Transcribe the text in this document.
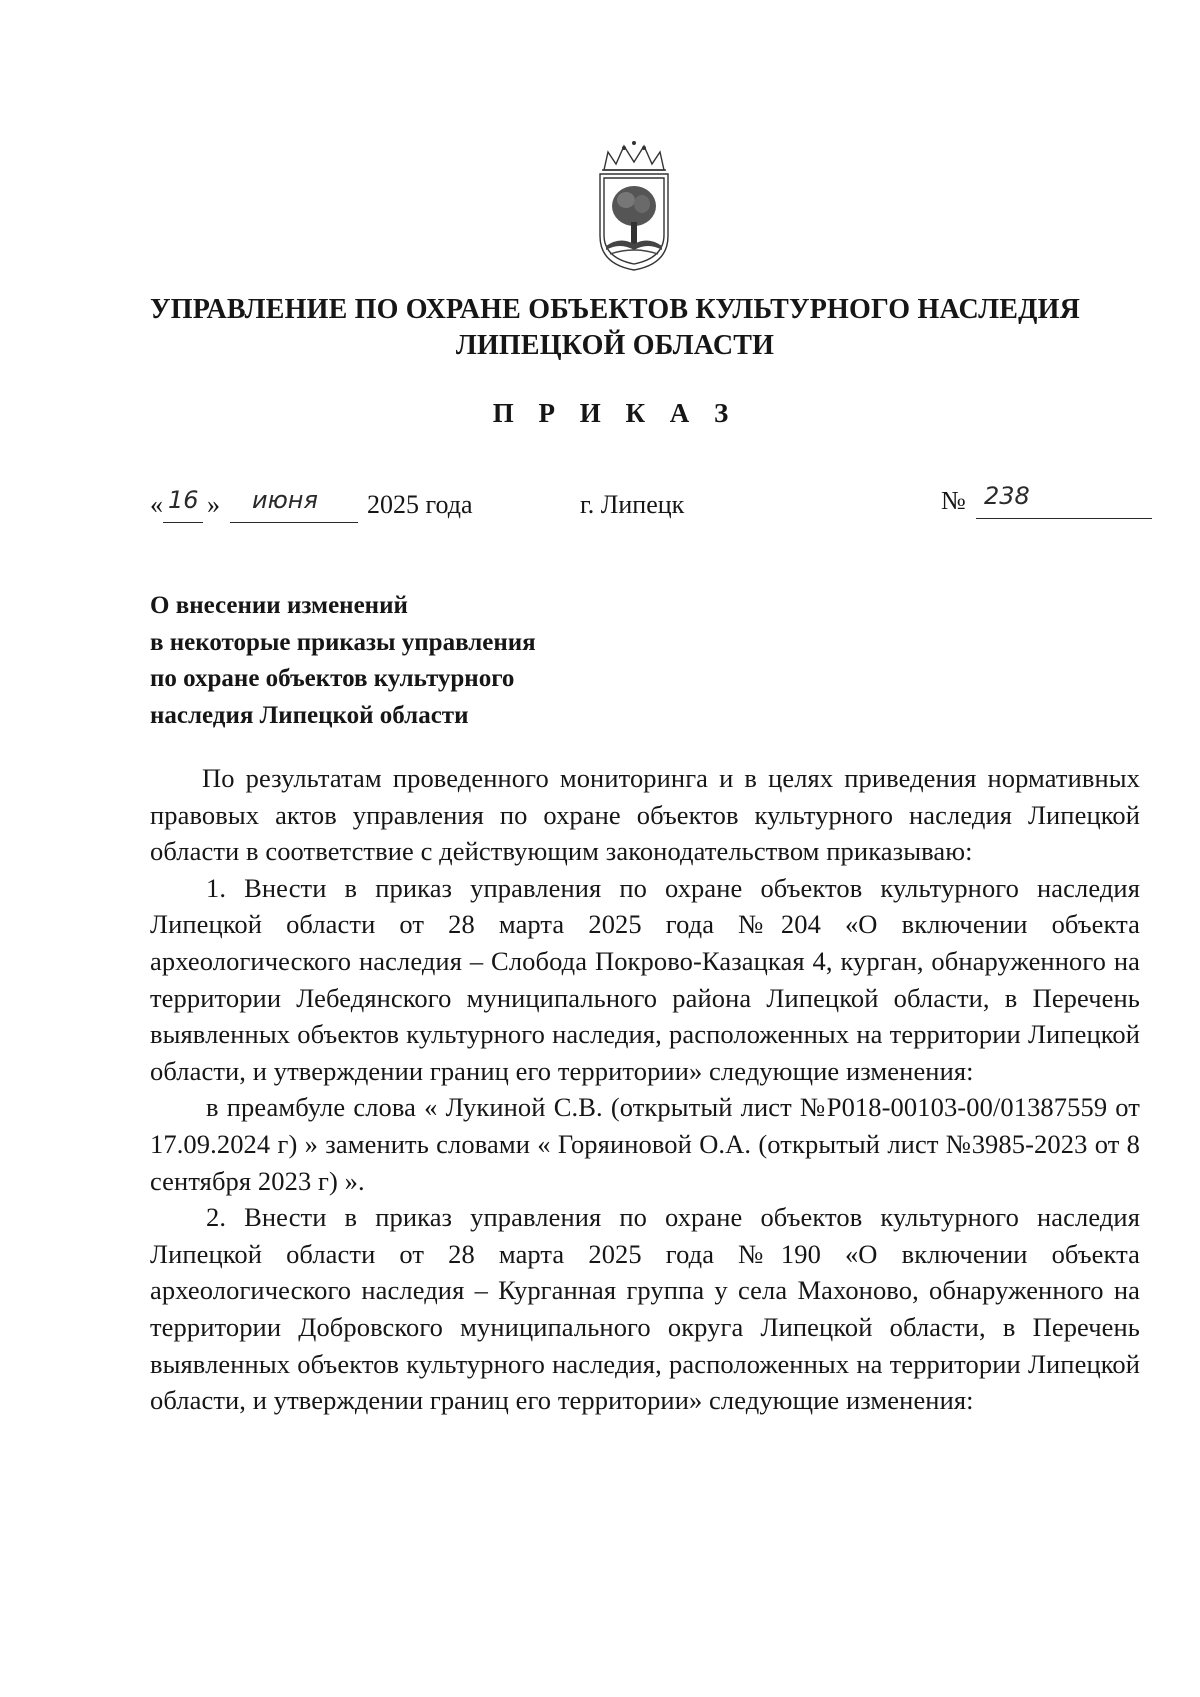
УПРАВЛЕНИЕ ПО ОХРАНЕ ОБЪЕКТОВ КУЛЬТУРНОГО НАСЛЕДИЯ
ЛИПЕЦКОЙ ОБЛАСТИ
П Р И К А З
« 16 » июня 2025 года	г. Липецк	№ 238
О внесении изменений
в некоторые приказы управления
по охране объектов культурного
наследия Липецкой области

По результатам проведенного мониторинга и в целях приведения нормативных правовых актов управления по охране объектов культурного наследия Липецкой области в соответствие с действующим законодательством приказываю:

1. Внести в приказ управления по охране объектов культурного наследия Липецкой области от 28 марта 2025 года №204 «О включении объекта археологического наследия – Слобода Покрово-Казацкая 4, курган, обнаруженного на территории Лебедянского муниципального района Липецкой области, в Перечень выявленных объектов культурного наследия, расположенных на территории Липецкой области, и утверждении границ его территории» следующие изменения:

в преамбуле слова « Лукиной С.В. (открытый лист №Р018-00103-00/01387559 от 17.09.2024 г) » заменить словами « Горяиновой О.А. (открытый лист №3985-2023 от 8 сентября 2023 г) ».

2. Внести в приказ управления по охране объектов культурного наследия Липецкой области от 28 марта 2025 года №190 «О включении объекта археологического наследия – Курганная группа у села Махоново, обнаруженного на территории Добровского муниципального округа Липецкой области, в Перечень выявленных объектов культурного наследия, расположенных на территории Липецкой области, и утверждении границ его территории» следующие изменения:
